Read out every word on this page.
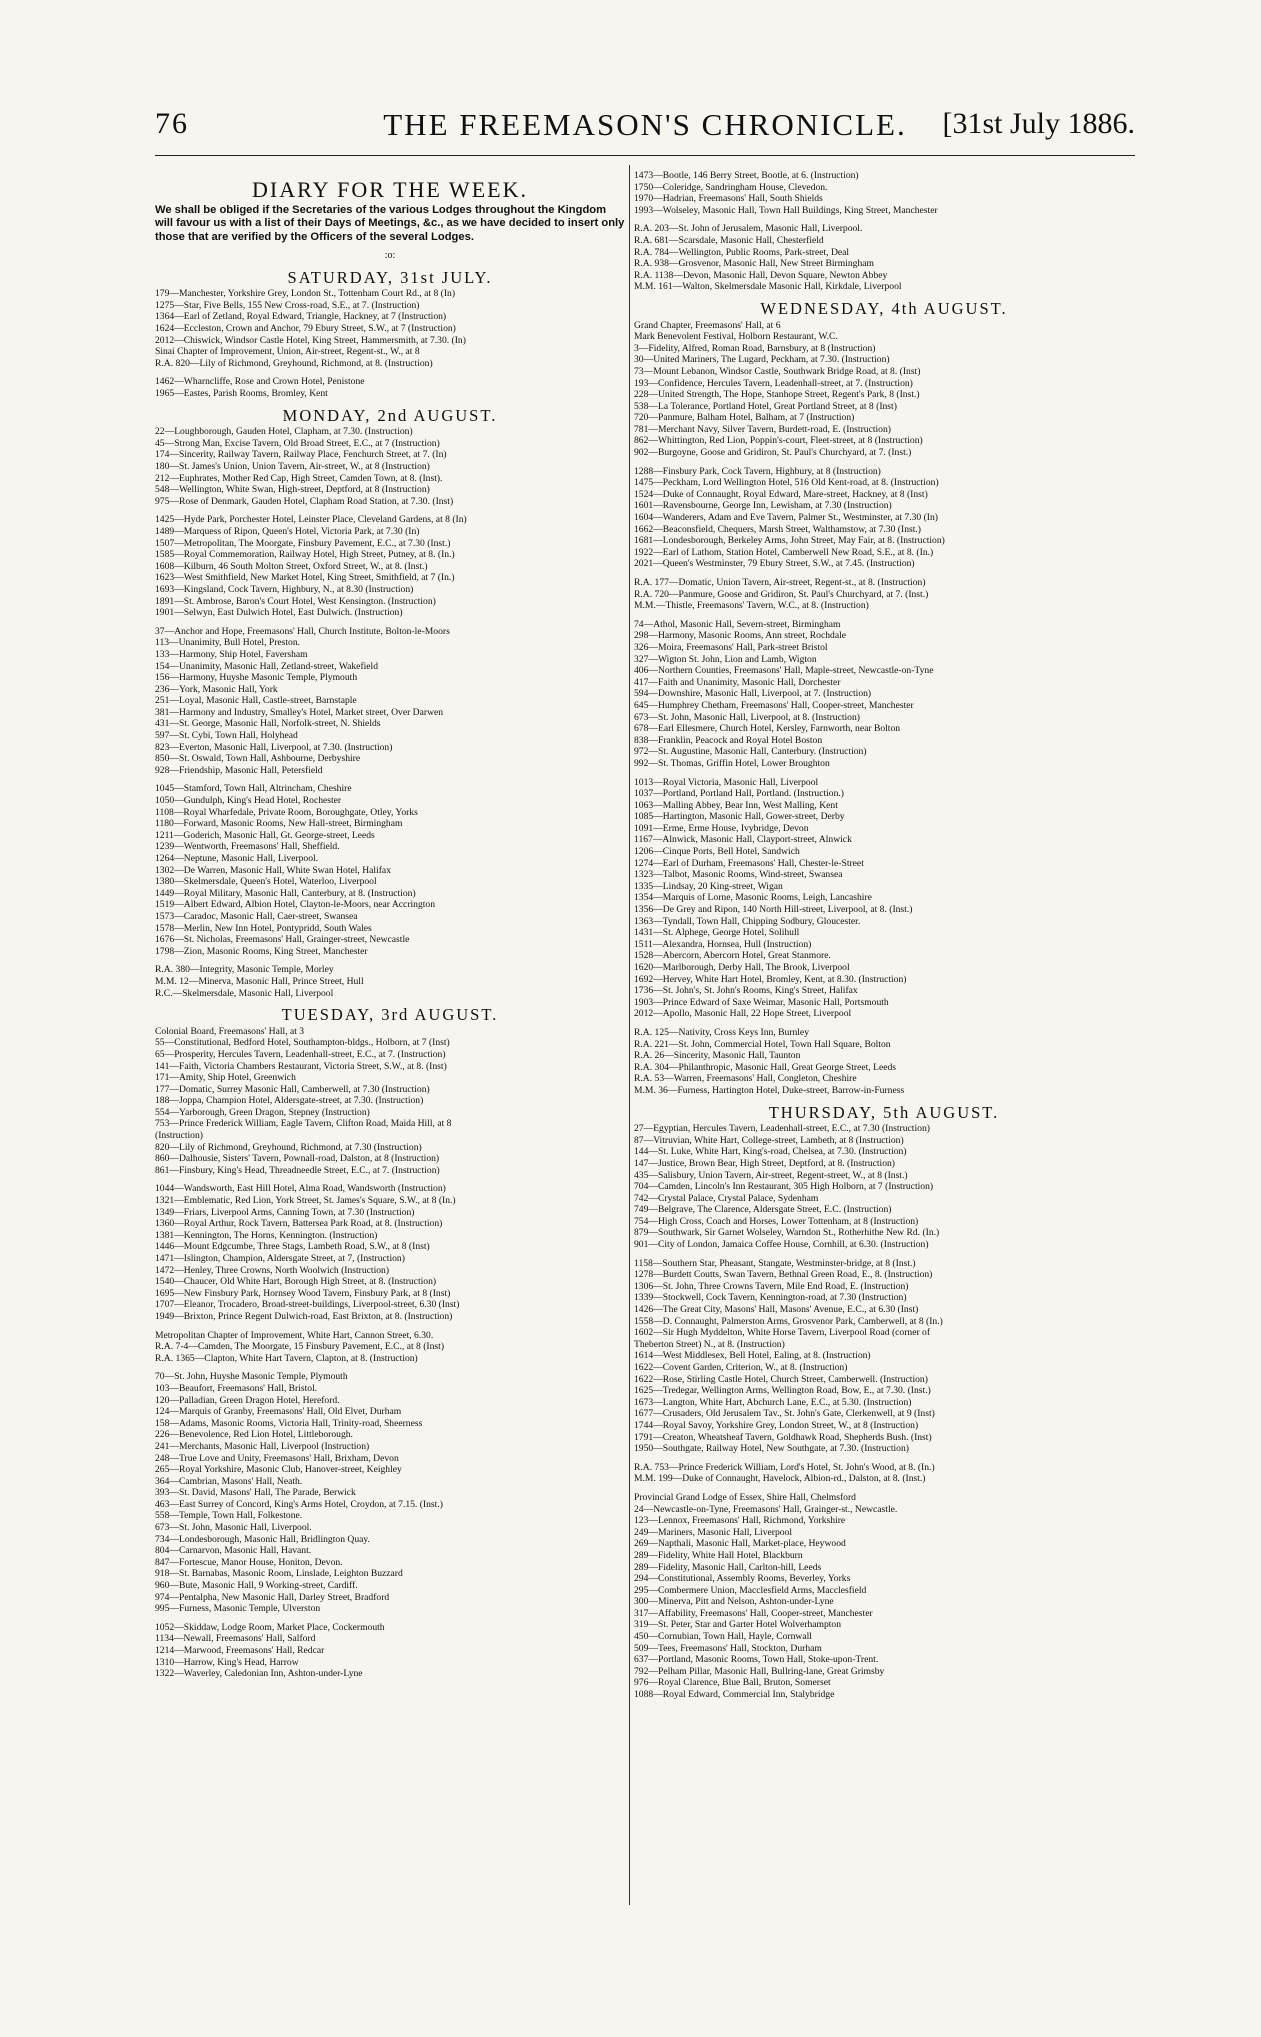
76	THE FREEMASON'S CHRONICLE.	[31st July 1886.
DIARY FOR THE WEEK.
We shall be obliged if the Secretaries of the various Lodges throughout the Kingdom will favour us with a list of their Days of Meetings, &c., as we have decided to insert only those that are verified by the Officers of the several Lodges.
:o:
SATURDAY, 31st JULY.
179—Manchester, Yorkshire Grey, London St., Tottenham Court Rd., at 8 (In)
1275—Star, Five Bells, 155 New Cross-road, S.E., at 7. (Instruction)
1364—Earl of Zetland, Royal Edward, Triangle, Hackney, at 7 (Instruction)
1624—Eccleston, Crown and Anchor, 79 Ebury Street, S.W., at 7 (Instruction)
2012—Chiswick, Windsor Castle Hotel, King Street, Hammersmith, at 7.30. (In)
Sinai Chapter of Improvement, Union, Air-street, Regent-st., W., at 8
R.A. 820—Lily of Richmond, Greyhound, Richmond, at 8. (Instruction)
1462—Wharncliffe, Rose and Crown Hotel, Penistone
1965—Eastes, Parish Rooms, Bromley, Kent
MONDAY, 2nd AUGUST.
22—Loughborough, Gauden Hotel, Clapham, at 7.30. (Instruction)
45—Strong Man, Excise Tavern, Old Broad Street, E.C., at 7 (Instruction)
174—Sincerity, Railway Tavern, Railway Place, Fenchurch Street, at 7. (In)
180—St. James's Union, Union Tavern, Air-street, W., at 8 (Instruction)
212—Euphrates, Mother Red Cap, High Street, Camden Town, at 8. (Inst).
548—Wellington, White Swan, High-street, Deptford, at 8 (Instruction)
975—Rose of Denmark, Gauden Hotel, Clapham Road Station, at 7.30. (Inst)
1425—Hyde Park, Porchester Hotel, Leinster Place, Cleveland Gardens, at 8 (In)
1489—Marquess of Ripon, Queen's Hotel, Victoria Park, at 7.30 (In)
1507—Metropolitan, The Moorgate, Finsbury Pavement, E.C., at 7.30 (Inst.)
1585—Royal Commemoration, Railway Hotel, High Street, Putney, at 8. (In.)
1608—Kilburn, 46 South Molton Street, Oxford Street, W., at 8. (Inst.)
1623—West Smithfield, New Market Hotel, King Street, Smithfield, at 7 (In.)
1693—Kingsland, Cock Tavern, Highbury, N., at 8.30 (Instruction)
1891—St. Ambrose, Baron's Court Hotel, West Kensington. (Instruction)
1901—Selwyn, East Dulwich Hotel, East Dulwich. (Instruction)
37—Anchor and Hope, Freemasons' Hall, Church Institute, Bolton-le-Moors
113—Unanimity, Bull Hotel, Preston.
133—Harmony, Ship Hotel, Faversham
154—Unanimity, Masonic Hall, Zetland-street, Wakefield
156—Harmony, Huyshe Masonic Temple, Plymouth
236—York, Masonic Hall, York
251—Loyal, Masonic Hall, Castle-street, Barnstaple
381—Harmony and Industry, Smalley's Hotel, Market street, Over Darwen
431—St. George, Masonic Hall, Norfolk-street, N. Shields
597—St. Cybi, Town Hall, Holyhead
823—Everton, Masonic Hall, Liverpool, at 7.30. (Instruction)
850—St. Oswald, Town Hall, Ashbourne, Derbyshire
928—Friendship, Masonic Hall, Petersfield
1045—Stamford, Town Hall, Altrincham, Cheshire
1050—Gundulph, King's Head Hotel, Rochester
1108—Royal Wharfedale, Private Room, Boroughgate, Otley, Yorks
1180—Forward, Masonic Rooms, New Hall-street, Birmingham
1211—Goderich, Masonic Hall, Gt. George-street, Leeds
1239—Wentworth, Freemasons' Hall, Sheffield.
1264—Neptune, Masonic Hall, Liverpool.
1302—De Warren, Masonic Hall, White Swan Hotel, Halifax
1380—Skelmersdale, Queen's Hotel, Waterloo, Liverpool
1449—Royal Military, Masonic Hall, Canterbury, at 8. (Instruction)
1519—Albert Edward, Albion Hotel, Clayton-le-Moors, near Accrington
1573—Caradoc, Masonic Hall, Caer-street, Swansea
1578—Merlin, New Inn Hotel, Pontypridd, South Wales
1676—St. Nicholas, Freemasons' Hall, Grainger-street, Newcastle
1798—Zion, Masonic Rooms, King Street, Manchester
R.A. 380—Integrity, Masonic Temple, Morley
M.M. 12—Minerva, Masonic Hall, Prince Street, Hull
R.C.—Skelmersdale, Masonic Hall, Liverpool
TUESDAY, 3rd AUGUST.
Colonial Board, Freemasons' Hall, at 3
55—Constitutional, Bedford Hotel, Southampton-bldgs., Holborn, at 7 (Inst)
65—Prosperity, Hercules Tavern, Leadenhall-street, E.C., at 7. (Instruction)
141—Faith, Victoria Chambers Restaurant, Victoria Street, S.W., at 8. (Inst)
171—Amity, Ship Hotel, Greenwich
177—Domatic, Surrey Masonic Hall, Camberwell, at 7.30 (Instruction)
188—Joppa, Champion Hotel, Aldersgate-street, at 7.30. (Instruction)
554—Yarborough, Green Dragon, Stepney (Instruction)
753—Prince Frederick William, Eagle Tavern, Clifton Road, Maida Hill, at 8
(Instruction)
820—Lily of Richmond, Greyhound, Richmond, at 7.30 (Instruction)
860—Dalhousie, Sisters' Tavern, Pownall-road, Dalston, at 8 (Instruction)
861—Finsbury, King's Head, Threadneedle Street, E.C., at 7. (Instruction)
1044—Wandsworth, East Hill Hotel, Alma Road, Wandsworth (Instruction)
1321—Emblematic, Red Lion, York Street, St. James's Square, S.W., at 8 (In.)
1349—Friars, Liverpool Arms, Canning Town, at 7.30 (Instruction)
1360—Royal Arthur, Rock Tavern, Battersea Park Road, at 8. (Instruction)
1381—Kennington, The Horns, Kennington. (Instruction)
1446—Mount Edgcumbe, Three Stags, Lambeth Road, S.W., at 8 (Inst)
1471—Islington, Champion, Aldersgate Street, at 7, (Instruction)
1472—Henley, Three Crowns, North Woolwich (Instruction)
1540—Chaucer, Old White Hart, Borough High Street, at 8. (Instruction)
1695—New Finsbury Park, Hornsey Wood Tavern, Finsbury Park, at 8 (Inst)
1707—Eleanor, Trocadero, Broad-street-buildings, Liverpool-street, 6.30 (Inst)
1949—Brixton, Prince Regent Dulwich-road, East Brixton, at 8. (Instruction)
Metropolitan Chapter of Improvement, White Hart, Cannon Street, 6.30.
R.A. 7-4—Camden, The Moorgate, 15 Finsbury Pavement, E.C., at 8 (Inst)
R.A. 1365—Clapton, White Hart Tavern, Clapton, at 8. (Instruction)
70—St. John, Huyshe Masonic Temple, Plymouth
103—Beaufort, Freemasons' Hall, Bristol.
120—Palladian, Green Dragon Hotel, Hereford.
124—Marquis of Granby, Freemasons' Hall, Old Elvet, Durham
158—Adams, Masonic Rooms, Victoria Hall, Trinity-road, Sheerness
226—Benevolence, Red Lion Hotel, Littleborough.
241—Merchants, Masonic Hall, Liverpool (Instruction)
248—True Love and Unity, Freemasons' Hall, Brixham, Devon
265—Royal Yorkshire, Masonic Club, Hanover-street, Keighley
364—Cambrian, Masons' Hall, Neath.
393—St. David, Masons' Hall, The Parade, Berwick
463—East Surrey of Concord, King's Arms Hotel, Croydon, at 7.15. (Inst.)
558—Temple, Town Hall, Folkestone.
673—St. John, Masonic Hall, Liverpool.
734—Londesborough, Masonic Hall, Bridlington Quay.
804—Carnarvon, Masonic Hall, Havant.
847—Fortescue, Manor House, Honiton, Devon.
918—St. Barnabas, Masonic Room, Linslade, Leighton Buzzard
960—Bute, Masonic Hall, 9 Working-street, Cardiff.
974—Pentalpha, New Masonic Hall, Darley Street, Bradford
995—Furness, Masonic Temple, Ulverston
1052—Skiddaw, Lodge Room, Market Place, Cockermouth
1134—Newall, Freemasons' Hall, Salford
1214—Marwood, Freemasons' Hall, Redcar
1310—Harrow, King's Head, Harrow
1322—Waverley, Caledonian Inn, Ashton-under-Lyne
1473—Bootle, 146 Berry Street, Bootle, at 6. (Instruction)
1750—Coleridge, Sandringham House, Clevedon.
1970—Hadrian, Freemasons' Hall, South Shields
1993—Wolseley, Masonic Hall, Town Hall Buildings, King Street, Manchester
R.A. 203—St. John of Jerusalem, Masonic Hall, Liverpool.
R.A. 681—Scarsdale, Masonic Hall, Chesterfield
R.A. 784—Wellington, Public Rooms, Park-street, Deal
R.A. 938—Grosvenor, Masonic Hall, New Street Birmingham
R.A. 1138—Devon, Masonic Hall, Devon Square, Newton Abbey
M.M. 161—Walton, Skelmersdale Masonic Hall, Kirkdale, Liverpool
WEDNESDAY, 4th AUGUST.
Grand Chapter, Freemasons' Hall, at 6
Mark Benevolent Festival, Holborn Restaurant, W.C.
3—Fidelity, Alfred, Roman Road, Barnsbury, at 8 (Instruction)
30—United Mariners, The Lugard, Peckham, at 7.30. (Instruction)
73—Mount Lebanon, Windsor Castle, Southwark Bridge Road, at 8. (Inst)
193—Confidence, Hercules Tavern, Leadenhall-street, at 7. (Instruction)
228—United Strength, The Hope, Stanhope Street, Regent's Park, 8 (Inst.)
538—La Tolerance, Portland Hotel, Great Portland Street, at 8 (Inst)
720—Panmure, Balham Hotel, Balham, at 7 (Instruction)
781—Merchant Navy, Silver Tavern, Burdett-road, E. (Instruction)
862—Whittington, Red Lion, Poppin's-court, Fleet-street, at 8 (Instruction)
902—Burgoyne, Goose and Gridiron, St. Paul's Churchyard, at 7. (Inst.)
1288—Finsbury Park, Cock Tavern, Highbury, at 8 (Instruction)
1475—Peckham, Lord Wellington Hotel, 516 Old Kent-road, at 8. (Instruction)
1524—Duke of Connaught, Royal Edward, Mare-street, Hackney, at 8 (Inst)
1601—Ravensbourne, George Inn, Lewisham, at 7.30 (Instruction)
1604—Wanderers, Adam and Eve Tavern, Palmer St., Westminster, at 7.30 (In)
1662—Beaconsfield, Chequers, Marsh Street, Walthamstow, at 7.30 (Inst.)
1681—Londesborough, Berkeley Arms, John Street, May Fair, at 8. (Instruction)
1922—Earl of Lathom, Station Hotel, Camberwell New Road, S.E., at 8. (In.)
2021—Queen's Westminster, 79 Ebury Street, S.W., at 7.45. (Instruction)
R.A. 177—Domatic, Union Tavern, Air-street, Regent-st., at 8. (Instruction)
R.A. 720—Panmure, Goose and Gridiron, St. Paul's Churchyard, at 7. (Inst.)
M.M.—Thistle, Freemasons' Tavern, W.C., at 8. (Instruction)
74—Athol, Masonic Hall, Severn-street, Birmingham
298—Harmony, Masonic Rooms, Ann street, Rochdale
326—Moira, Freemasons' Hall, Park-street Bristol
327—Wigton St. John, Lion and Lamb, Wigton
406—Northern Counties, Freemasons' Hall, Maple-street, Newcastle-on-Tyne
417—Faith and Unanimity, Masonic Hall, Dorchester
594—Downshire, Masonic Hall, Liverpool, at 7. (Instruction)
645—Humphrey Chetham, Freemasons' Hall, Cooper-street, Manchester
673—St. John, Masonic Hall, Liverpool, at 8. (Instruction)
678—Earl Ellesmere, Church Hotel, Kersley, Farnworth, near Bolton
838—Franklin, Peacock and Royal Hotel Boston
972—St. Augustine, Masonic Hall, Canterbury. (Instruction)
992—St. Thomas, Griffin Hotel, Lower Broughton
1013—Royal Victoria, Masonic Hall, Liverpool
1037—Portland, Portland Hall, Portland. (Instruction.)
1063—Malling Abbey, Bear Inn, West Malling, Kent
1085—Hartington, Masonic Hall, Gower-street, Derby
1091—Erme, Erme House, Ivybridge, Devon
1167—Alnwick, Masonic Hall, Clayport-street, Alnwick
1206—Cinque Ports, Bell Hotel, Sandwich
1274—Earl of Durham, Freemasons' Hall, Chester-le-Street
1323—Talbot, Masonic Rooms, Wind-street, Swansea
1335—Lindsay, 20 King-street, Wigan
1354—Marquis of Lorne, Masonic Rooms, Leigh, Lancashire
1356—De Grey and Ripon, 140 North Hill-street, Liverpool, at 8. (Inst.)
1363—Tyndall, Town Hall, Chipping Sodbury, Gloucester.
1431—St. Alphege, George Hotel, Solihull
1511—Alexandra, Hornsea, Hull (Instruction)
1528—Abercorn, Abercorn Hotel, Great Stanmore.
1620—Marlborough, Derby Hall, The Brook, Liverpool
1692—Hervey, White Hart Hotel, Bromley, Kent, at 8.30. (Instruction)
1736—St. John's, St. John's Rooms, King's Street, Halifax
1903—Prince Edward of Saxe Weimar, Masonic Hall, Portsmouth
2012—Apollo, Masonic Hall, 22 Hope Street, Liverpool
R.A. 125—Nativity, Cross Keys Inn, Burnley
R.A. 221—St. John, Commercial Hotel, Town Hall Square, Bolton
R.A. 26—Sincerity, Masonic Hall, Taunton
R.A. 304—Philanthropic, Masonic Hall, Great George Street, Leeds
R.A. 53—Warren, Freemasons' Hall, Congleton, Cheshire
M.M. 36—Furness, Hartington Hotel, Duke-street, Barrow-in-Furness
THURSDAY, 5th AUGUST.
27—Egyptian, Hercules Tavern, Leadenhall-street, E.C., at 7.30 (Instruction)
87—Vitruvian, White Hart, College-street, Lambeth, at 8 (Instruction)
144—St. Luke, White Hart, King's-road, Chelsea, at 7.30. (Instruction)
147—Justice, Brown Bear, High Street, Deptford, at 8. (Instruction)
435—Salisbury, Union Tavern, Air-street, Regent-street, W., at 8 (Inst.)
704—Camden, Lincoln's Inn Restaurant, 305 High Holborn, at 7 (Instruction)
742—Crystal Palace, Crystal Palace, Sydenham
749—Belgrave, The Clarence, Aldersgate Street, E.C. (Instruction)
754—High Cross, Coach and Horses, Lower Tottenham, at 8 (Instruction)
879—Southwark, Sir Garnet Wolseley, Warndon St., Rotherhithe New Rd. (In.)
901—City of London, Jamaica Coffee House, Cornhill, at 6.30. (Instruction)
1158—Southern Star, Pheasant, Stangate, Westminster-bridge, at 8 (Inst.)
1278—Burdett Coutts, Swan Tavern, Bethnal Green Road, E., 8. (Instruction)
1306—St. John, Three Crowns Tavern, Mile End Road, E. (Instruction)
1339—Stockwell, Cock Tavern, Kennington-road, at 7.30 (Instruction)
1426—The Great City, Masons' Hall, Masons' Avenue, E.C., at 6.30 (Inst)
1558—D. Connaught, Palmerston Arms, Grosvenor Park, Camberwell, at 8 (In.)
1602—Sir Hugh Myddelton, White Horse Tavern, Liverpool Road (corner of
Theberton Street) N., at 8. (Instruction)
1614—West Middlesex, Bell Hotel, Ealing, at 8. (Instruction)
1622—Covent Garden, Criterion, W., at 8. (Instruction)
1622—Rose, Stirling Castle Hotel, Church Street, Camberwell. (Instruction)
1625—Tredegar, Wellington Arms, Wellington Road, Bow, E., at 7.30. (Inst.)
1673—Langton, White Hart, Abchurch Lane, E.C., at 5.30. (Instruction)
1677—Crusaders, Old Jerusalem Tav., St. John's Gate, Clerkenwell, at 9 (Inst)
1744—Royal Savoy, Yorkshire Grey, London Street, W., at 8 (Instruction)
1791—Creaton, Wheatsheaf Tavern, Goldhawk Road, Shepherds Bush. (Inst)
1950—Southgate, Railway Hotel, New Southgate, at 7.30. (Instruction)
R.A. 753—Prince Frederick William, Lord's Hotel, St. John's Wood, at 8. (In.)
M.M. 199—Duke of Connaught, Havelock, Albion-rd., Dalston, at 8. (Inst.)
Provincial Grand Lodge of Essex, Shire Hall, Chelmsford
24—Newcastle-on-Tyne, Freemasons' Hall, Grainger-st., Newcastle.
123—Lennox, Freemasons' Hall, Richmond, Yorkshire
249—Mariners, Masonic Hall, Liverpool
269—Napthali, Masonic Hall, Market-place, Heywood
289—Fidelity, White Hall Hotel, Blackburn
289—Fidelity, Masonic Hall, Carlton-hill, Leeds
294—Constitutional, Assembly Rooms, Beverley, Yorks
295—Combermere Union, Macclesfield Arms, Macclesfield
300—Minerva, Pitt and Nelson, Ashton-under-Lyne
317—Affability, Freemasons' Hall, Cooper-street, Manchester
319—St. Peter, Star and Garter Hotel Wolverhampton
450—Cornubian, Town Hall, Hayle, Cornwall
509—Tees, Freemasons' Hall, Stockton, Durham
637—Portland, Masonic Rooms, Town Hall, Stoke-upon-Trent.
792—Pelham Pillar, Masonic Hall, Bullring-lane, Great Grimsby
976—Royal Clarence, Blue Ball, Bruton, Somerset
1088—Royal Edward, Commercial Inn, Stalybridge
